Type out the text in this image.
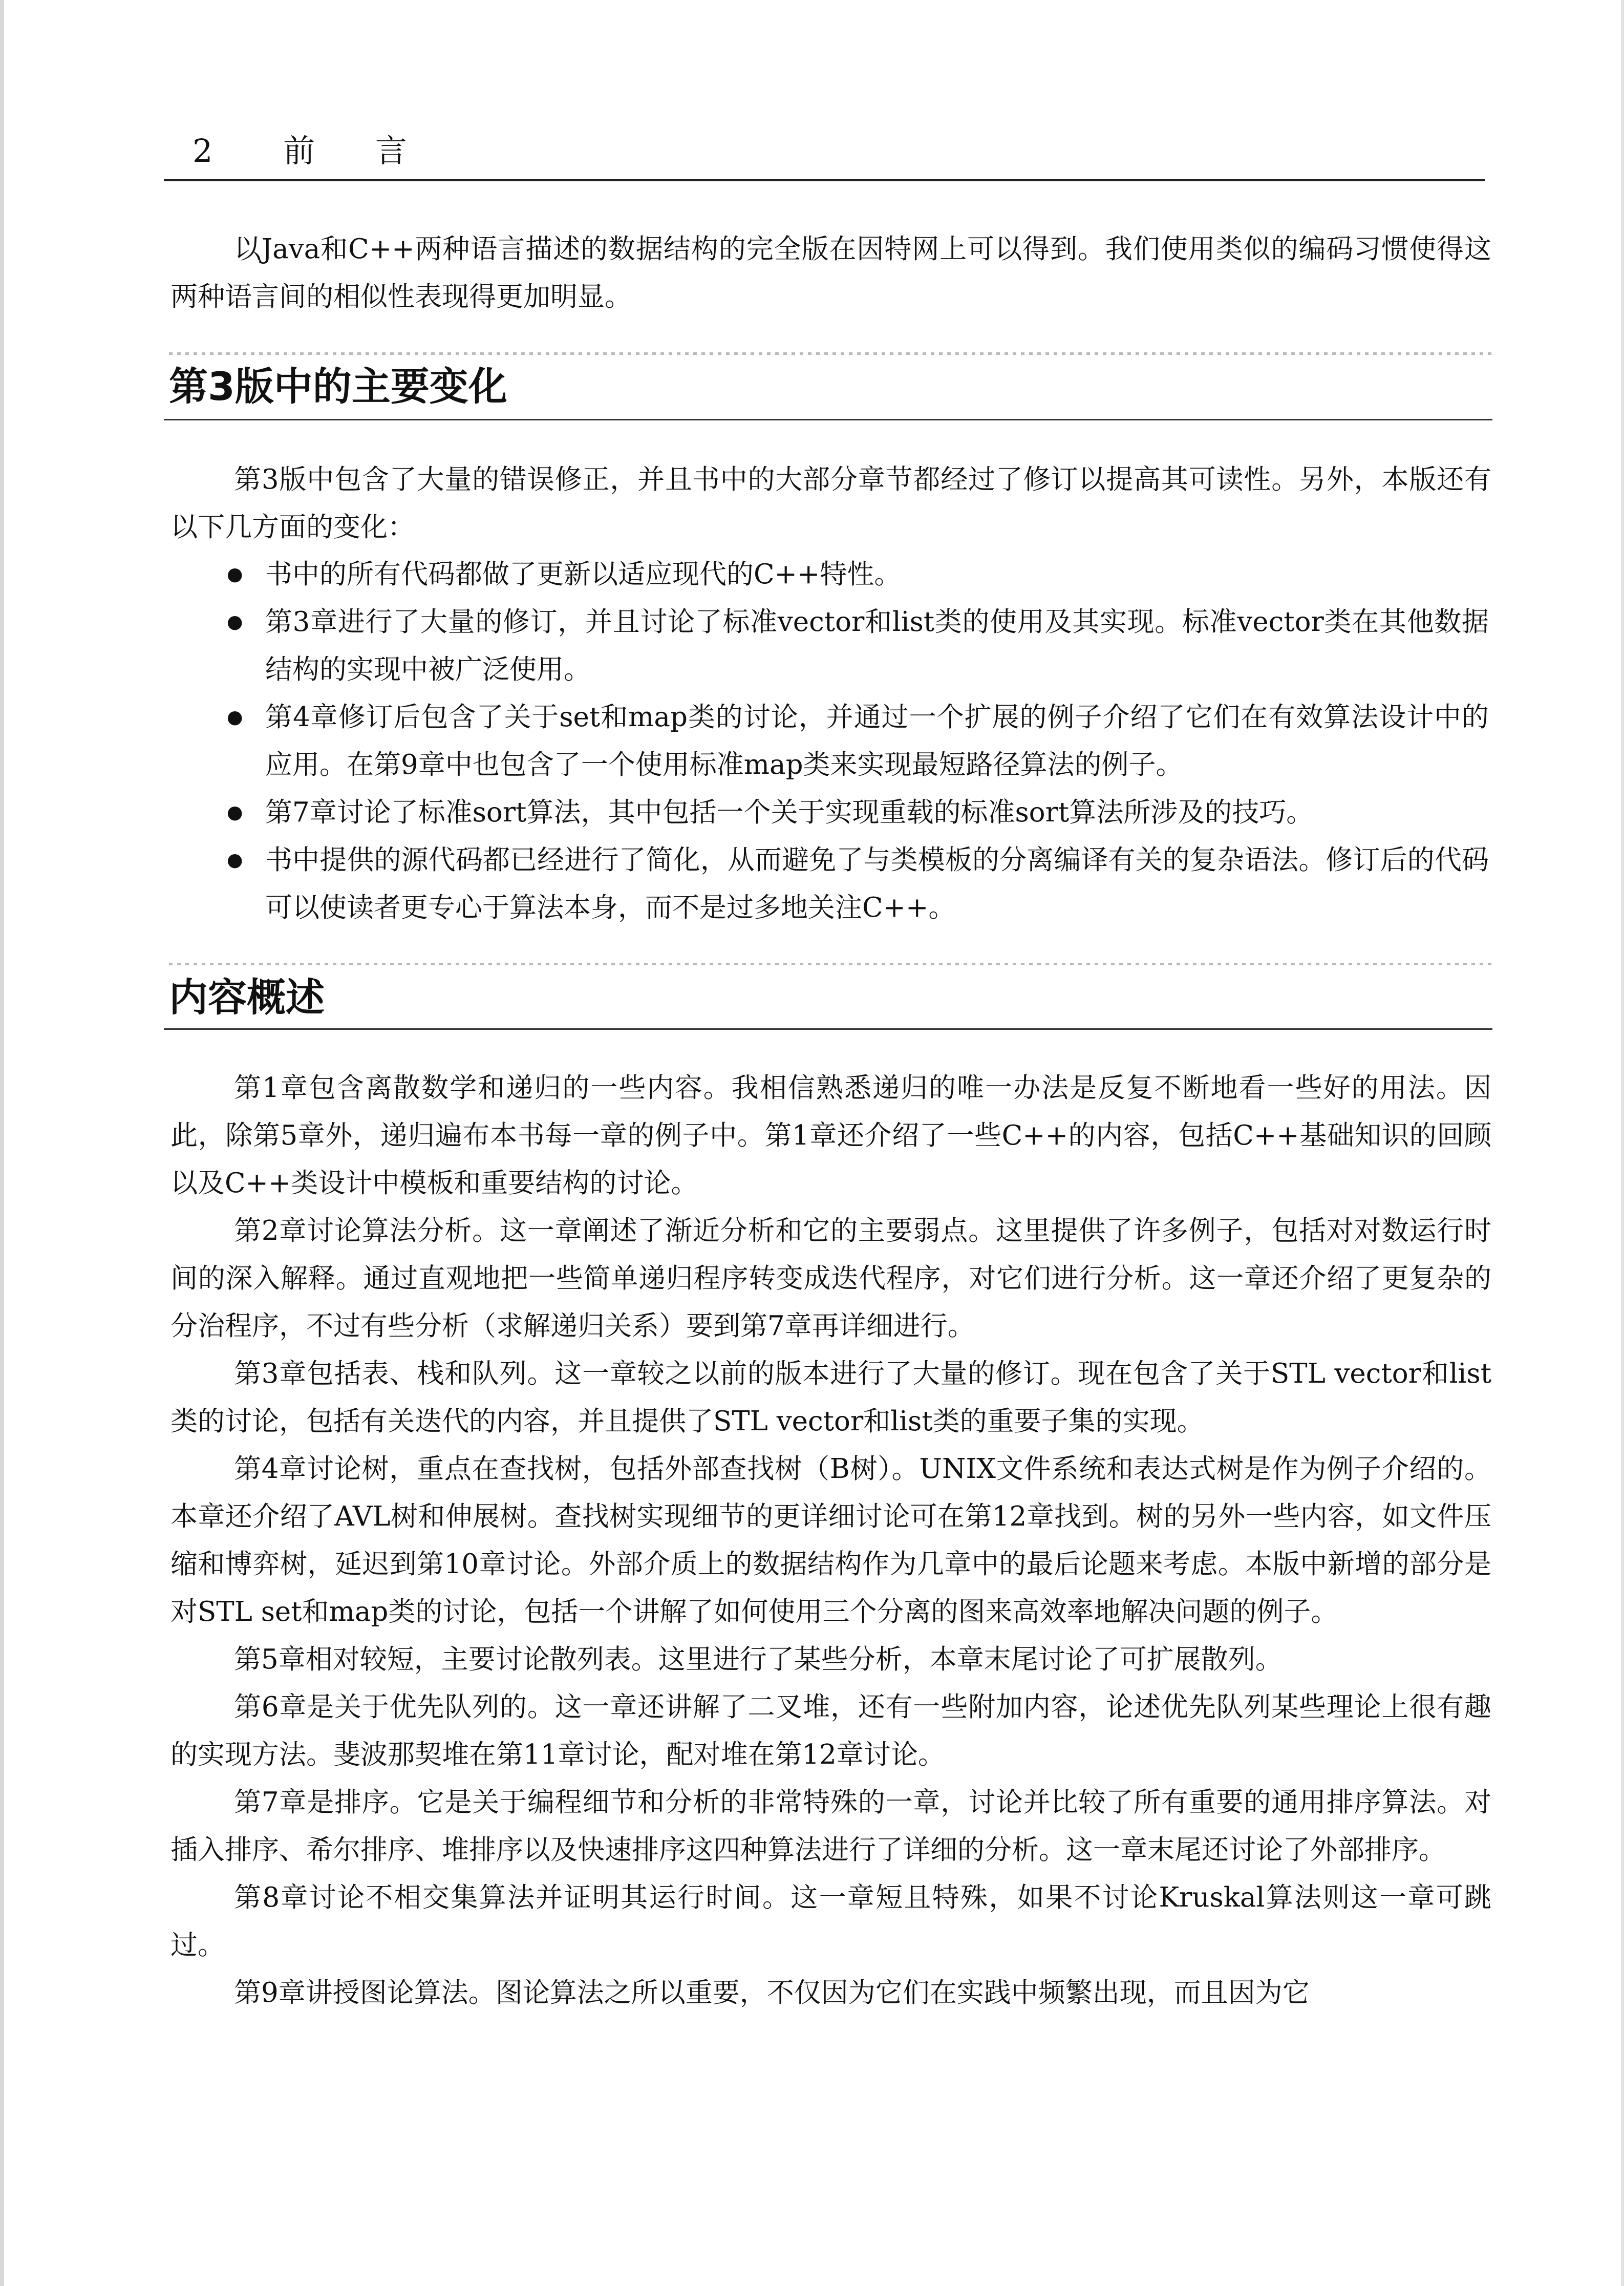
2 前 言

以Java和C++两种语言描述的数据结构的完全版在因特网上可以得到。我们使用类似的编码习惯使得这两种语言间的相似性表现得更加明显。

第3版中的主要变化

第3版中包含了大量的错误修正，并且书中的大部分章节都经过了修订以提高其可读性。另外，本版还有以下几方面的变化：

● 书中的所有代码都做了更新以适应现代的C++特性。
● 第3章进行了大量的修订，并且讨论了标准vector和list类的使用及其实现。标准vector类在其他数据结构的实现中被广泛使用。
● 第4章修订后包含了关于set和map类的讨论，并通过一个扩展的例子介绍了它们在有效算法设计中的应用。在第9章中也包含了一个使用标准map类来实现最短路径算法的例子。
● 第7章讨论了标准sort算法，其中包括一个关于实现重载的标准sort算法所涉及的技巧。
● 书中提供的源代码都已经进行了简化，从而避免了与类模板的分离编译有关的复杂语法。修订后的代码可以使读者更专心于算法本身，而不是过多地关注C++。
内容概述

第1章包含离散数学和递归的一些内容。我相信熟悉递归的唯一办法是反复不断地看一些好的用法。因此，除第5章外，递归遍布本书每一章的例子中。第1章还介绍了一些C++的内容，包括C++基础知识的回顾以及C++类设计中模板和重要结构的讨论。

第2章讨论算法分析。这一章阐述了渐近分析和它的主要弱点。这里提供了许多例子，包括对对数运行时间的深入解释。通过直观地把一些简单递归程序转变成迭代程序，对它们进行分析。这一章还介绍了更复杂的分治程序，不过有些分析（求解递归关系）要到第7章再详细进行。

第3章包括表、栈和队列。这一章较之以前的版本进行了大量的修订。现在包含了关于STL vector和list类的讨论，包括有关迭代的内容，并且提供了STL vector和list类的重要子集的实现。

第4章讨论树，重点在查找树，包括外部查找树（B树）。UNIX文件系统和表达式树是作为例子介绍的。本章还介绍了AVL树和伸展树。查找树实现细节的更详细讨论可在第12章找到。树的另外一些内容，如文件压缩和博弈树，延迟到第10章讨论。外部介质上的数据结构作为几章中的最后论题来考虑。本版中新增的部分是对STL set和map类的讨论，包括一个讲解了如何使用三个分离的图来高效率地解决问题的例子。

第5章相对较短，主要讨论散列表。这里进行了某些分析，本章末尾讨论了可扩展散列。

第6章是关于优先队列的。这一章还讲解了二叉堆，还有一些附加内容，论述优先队列某些理论上很有趣的实现方法。斐波那契堆在第11章讨论，配对堆在第12章讨论。

第7章是排序。它是关于编程细节和分析的非常特殊的一章，讨论并比较了所有重要的通用排序算法。对插入排序、希尔排序、堆排序以及快速排序这四种算法进行了详细的分析。这一章末尾还讨论了外部排序。

第8章讨论不相交集算法并证明其运行时间。这一章短且特殊，如果不讨论Kruskal算法则这一章可跳过。

第9章讲授图论算法。图论算法之所以重要，不仅因为它们在实践中频繁出现，而且因为它
